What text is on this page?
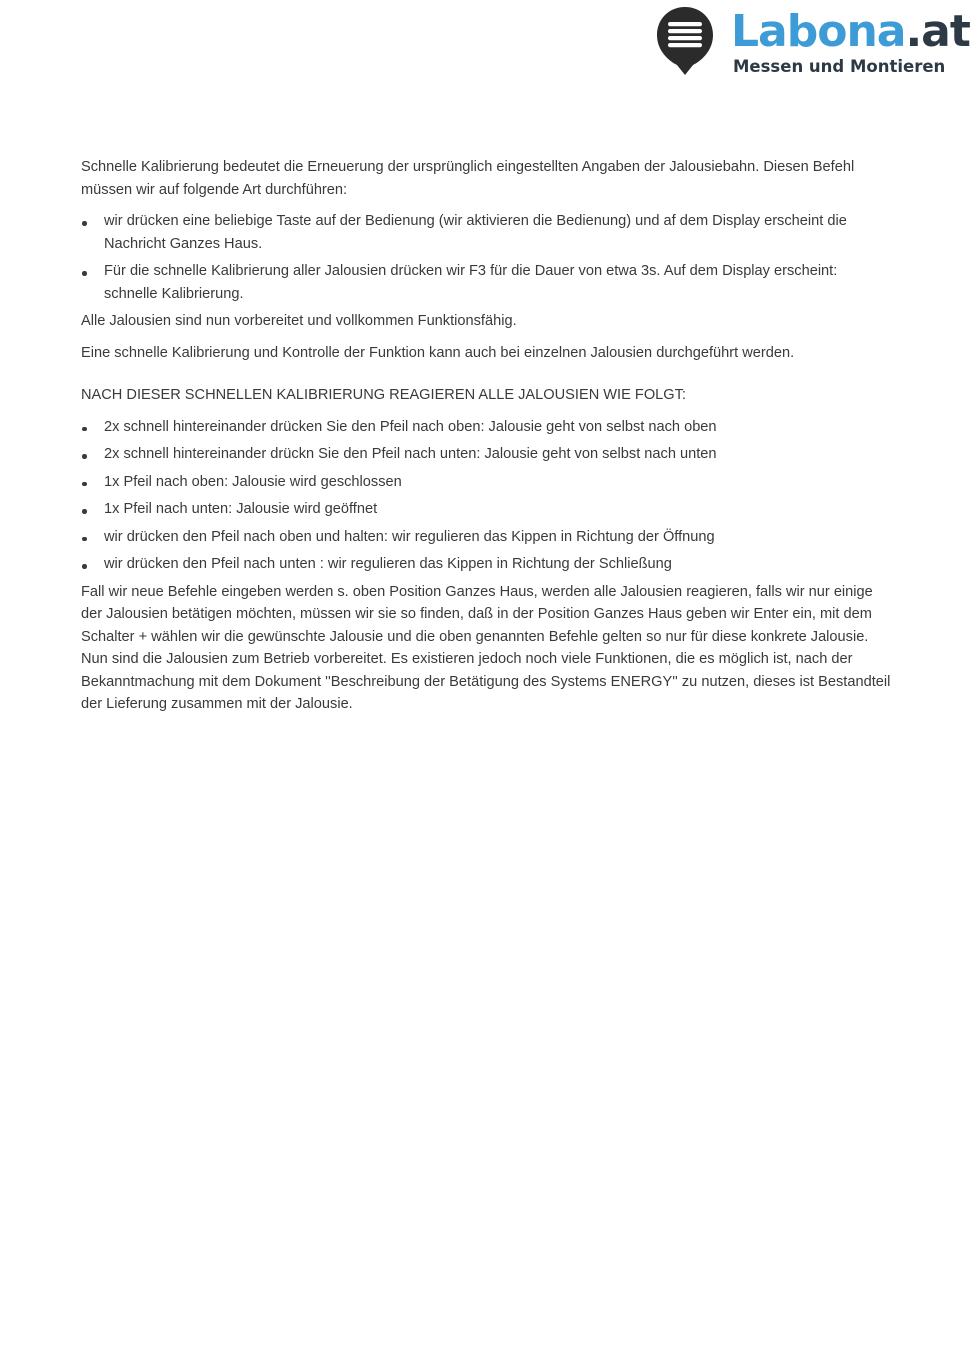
Labona.at
Messen und Montieren

Schnelle Kalibrierung bedeutet die Erneuerung der ursprünglich eingestellten Angaben der Jalousiebahn. Diesen Befehl müssen wir auf folgende Art durchführen:

wir drücken eine beliebige Taste auf der Bedienung (wir aktivieren die Bedienung) und af dem Display erscheint die Nachricht Ganzes Haus.
Für die schnelle Kalibrierung aller Jalousien drücken wir F3 für die Dauer von etwa 3s. Auf dem Display erscheint: schnelle Kalibrierung.

Alle Jalousien sind nun vorbereitet und vollkommen Funktionsfähig.

Eine schnelle Kalibrierung und Kontrolle der Funktion kann auch bei einzelnen Jalousien durchgeführt werden.

NACH DIESER SCHNELLEN KALIBRIERUNG REAGIEREN ALLE JALOUSIEN WIE FOLGT:

2x schnell hintereinander drücken Sie den Pfeil nach oben: Jalousie geht von selbst nach oben
2x schnell hintereinander drückn Sie den Pfeil nach unten: Jalousie geht von selbst nach unten
1x Pfeil nach oben: Jalousie wird geschlossen
1x Pfeil nach unten: Jalousie wird geöffnet
wir drücken den Pfeil nach oben und halten: wir regulieren das Kippen in Richtung der Öffnung
wir drücken den Pfeil nach unten : wir regulieren das Kippen in Richtung der Schließung

Fall wir neue Befehle eingeben werden s. oben Position Ganzes Haus, werden alle Jalousien reagieren, falls wir nur einige der Jalousien betätigen möchten, müssen wir sie so finden, daß in der Position Ganzes Haus geben wir Enter ein, mit dem Schalter + wählen wir die gewünschte Jalousie und die oben genannten Befehle gelten so nur für diese konkrete Jalousie. Nun sind die Jalousien zum Betrieb vorbereitet. Es existieren jedoch noch viele Funktionen, die es möglich ist, nach der Bekanntmachung mit dem Dokument ''Beschreibung der Betätigung des Systems ENERGY'' zu nutzen, dieses ist Bestandteil der Lieferung zusammen mit der Jalousie.
